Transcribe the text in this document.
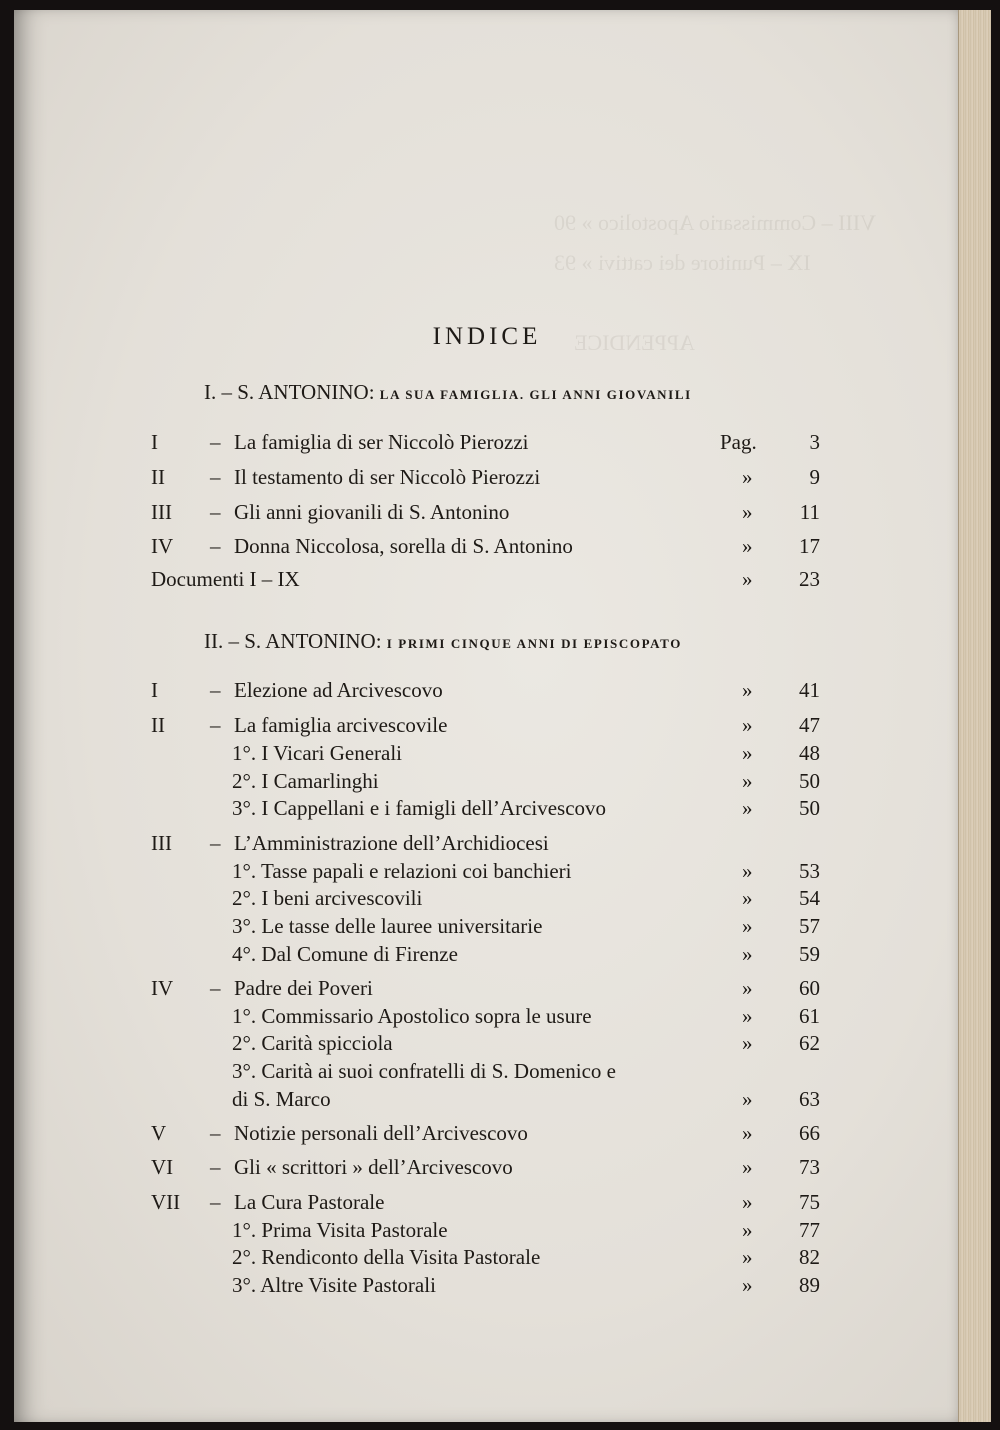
VIII – Commissario Apostolico » 90
IX – Punitore dei cattivi » 93
APPENDICE
INDICE
I. – S. ANTONINO: LA SUA FAMIGLIA. GLI ANNI GIOVANILI
II. – S. ANTONINO: I PRIMI CINQUE ANNI DI EPISCOPATO
I – La famiglia di ser Niccolò Pierozzi	Pag.	3
II – Il testamento di ser Niccolò Pierozzi	»	9
III – Gli anni giovanili di S. Antonino	»	11
IV – Donna Niccolosa, sorella di S. Antonino	»	17
Documenti I – IX	»	23
I – Elezione ad Arcivescovo	»	41
II – La famiglia arcivescovile	»	47
1°. I Vicari Generali	»	48
2°. I Camarlinghi	»	50
3°. I Cappellani e i famigli dell’Arcivescovo	»	50
III – L’Amministrazione dell’Archidiocesi
1°. Tasse papali e relazioni coi banchieri	»	53
2°. I beni arcivescovili	»	54
3°. Le tasse delle lauree universitarie	»	57
4°. Dal Comune di Firenze	»	59
IV – Padre dei Poveri	»	60
1°. Commissario Apostolico sopra le usure	»	61
2°. Carità spicciola	»	62
3°. Carità ai suoi confratelli di S. Domenico e
di S. Marco	»	63
V – Notizie personali dell’Arcivescovo	»	66
VI – Gli « scrittori » dell’Arcivescovo	»	73
VII – La Cura Pastorale	»	75
1°. Prima Visita Pastorale	»	77
2°. Rendiconto della Visita Pastorale	»	82
3°. Altre Visite Pastorali	»	89
